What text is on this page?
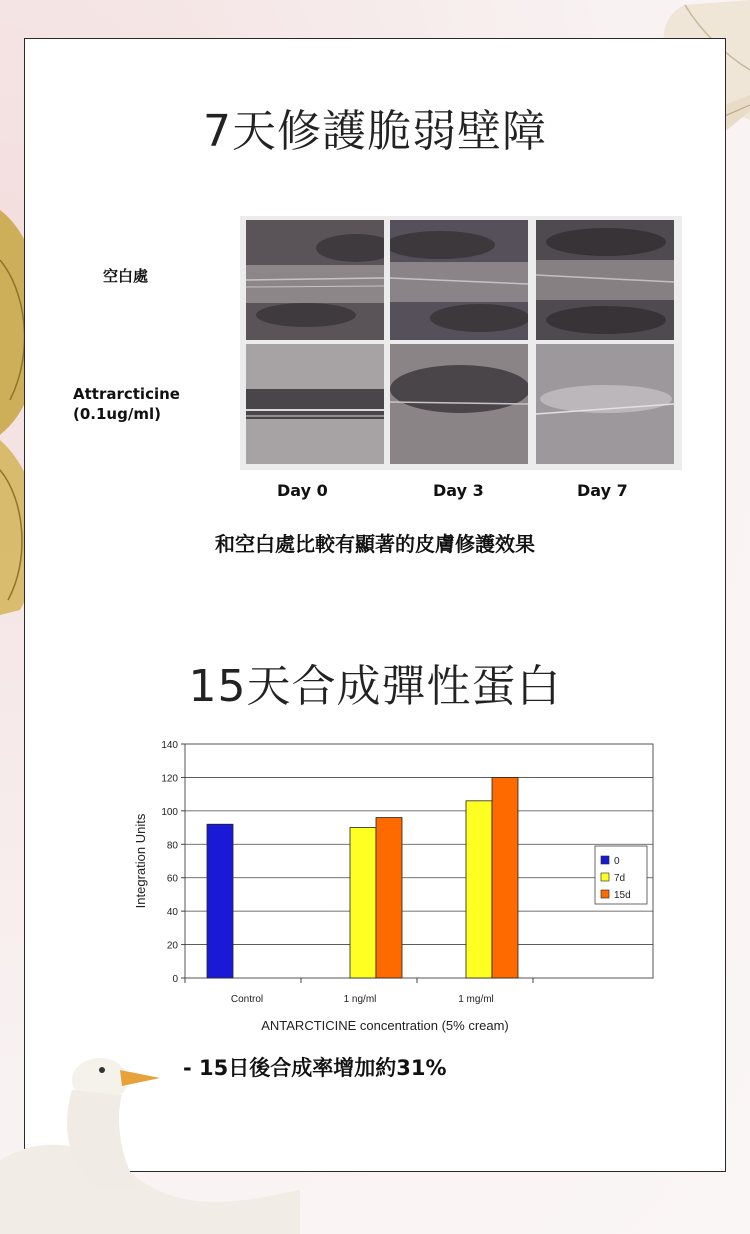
7天修護脆弱壁障
空白處
Attrarcticine
(0.1ug/ml)
Day 0	Day 3	Day 7
和空白處比較有顯著的皮膚修護效果
15天合成彈性蛋白
0
20
40
60
80
100
120
140
Control	1 ng/ml	1 mg/ml
Integration Units
ANTARCTICINE concentration (5% cream)
0
7d
15d
- 15日後合成率增加約31%
